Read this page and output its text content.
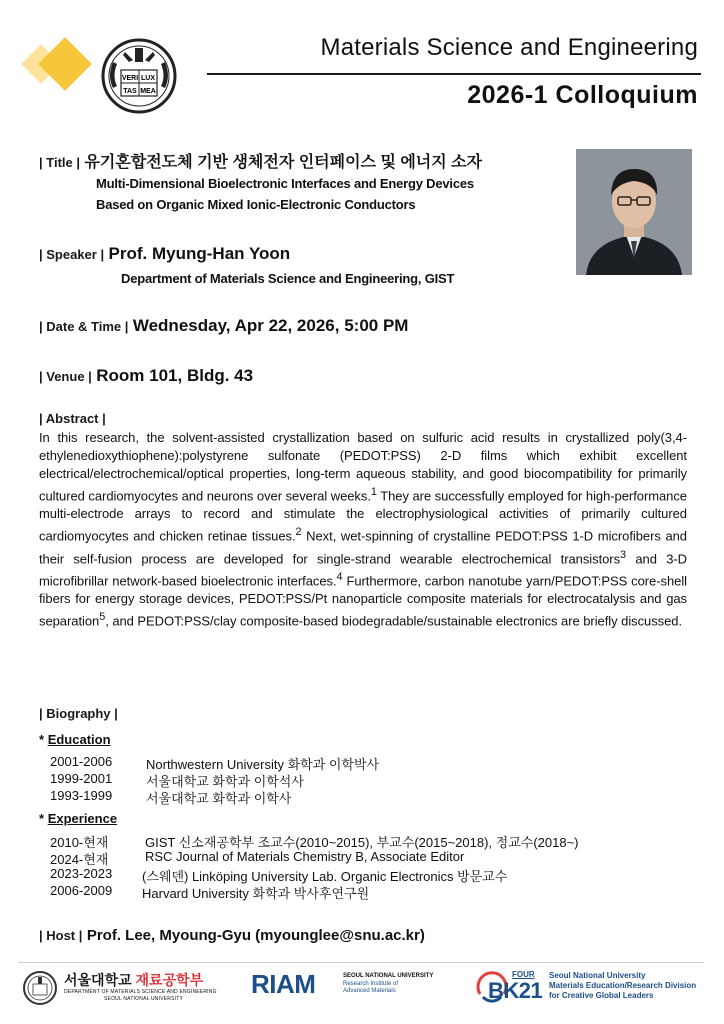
VERI LUX
TAS MEA
Materials Science and Engineering
2026-1 Colloquium
| Title | 유기혼합전도체 기반 생체전자 인터페이스 및 에너지 소자
Multi-Dimensional Bioelectronic Interfaces and Energy Devices
Based on Organic Mixed Ionic-Electronic Conductors
| Speaker | Prof. Myung-Han Yoon
Department of Materials Science and Engineering, GIST
| Date & Time | Wednesday, Apr 22, 2026, 5:00 PM
| Venue | Room 101, Bldg. 43
| Abstract |
In this research, the solvent-assisted crystallization based on sulfuric acid results in crystallized poly(3,4-ethylenedioxythiophene):polystyrene sulfonate (PEDOT:PSS) 2-D films which exhibit excellent electrical/electrochemical/optical properties, long-term aqueous stability, and good biocompatibility for primarily cultured cardiomyocytes and neurons over several weeks.$^1$ They are successfully employed for high-performance multi-electrode arrays to record and stimulate the electrophysiological activities of primarily cultured cardiomyocytes and chicken retinae tissues.$^2$ Next, wet-spinning of crystalline PEDOT:PSS 1-D microfibers and their self-fusion process are developed for single-strand wearable electrochemical transistors$^3$ and 3-D microfibrillar network-based bioelectronic interfaces.$^4$ Furthermore, carbon nanotube yarn/PEDOT:PSS core-shell fibers for energy storage devices, PEDOT:PSS/Pt nanoparticle composite materials for electrocatalysis and gas separation$^5$, and PEDOT:PSS/clay composite-based biodegradable/sustainable electronics are briefly discussed.
| Biography |
* Education
2001-2006	Northwestern University 화학과 이학박사
1999-2001	서울대학교 화학과 이학석사
1993-1999	서울대학교 화학과 이학사
* Experience
2010-현재	GIST 신소재공학부 조교수(2010~2015), 부교수(2015~2018), 정교수(2018~)
2024-현재	RSC Journal of Materials Chemistry B, Associate Editor
2023-2023 (스웨덴) Linköping University Lab. Organic Electronics 방문교수
2006-2009 Harvard University 화학과 박사후연구원
| Host | Prof. Lee, Myoung-Gyu (myounglee@snu.ac.kr)
서울대학교 재료공학부
DEPARTMENT OF MATERIALS SCIENCE AND ENGINEERING
SEOUL NATIONAL UNIVERSITY	RIAM	SEOUL NATIONAL UNIVERSITY
Research Institute of
Advanced Materials
FOUR
BK21
Seoul National University
Materials Education/Research Division
for Creative Global Leaders
